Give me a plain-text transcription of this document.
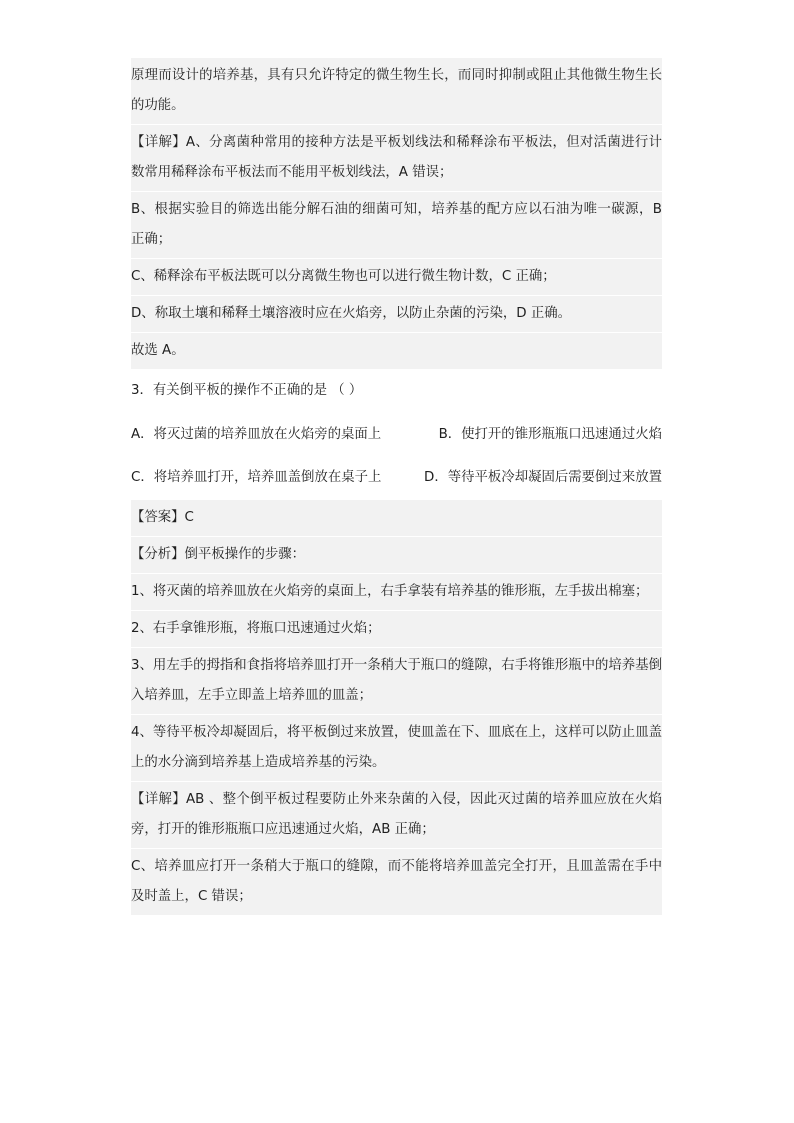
原理而设计的培养基，具有只允许特定的微生物生长，而同时抑制或阻止其他微生物生长的功能。

【详解】A、分离菌种常用的接种方法是平板划线法和稀释涂布平板法，但对活菌进行计数常用稀释涂布平板法而不能用平板划线法，A 错误；

B、根据实验目的筛选出能分解石油的细菌可知，培养基的配方应以石油为唯一碳源，B 正确；

C、稀释涂布平板法既可以分离微生物也可以进行微生物计数，C 正确；

D、称取土壤和稀释土壤溶液时应在火焰旁，以防止杂菌的污染，D 正确。

故选 A。

3．有关倒平板的操作不正确的是 （ ）

A．将灭过菌的培养皿放在火焰旁的桌面上	B．使打开的锥形瓶瓶口迅速通过火焰
C．将培养皿打开，培养皿盖倒放在桌子上	D．等待平板冷却凝固后需要倒过来放置

【答案】C

【分析】倒平板操作的步骤：

1、将灭菌的培养皿放在火焰旁的桌面上，右手拿装有培养基的锥形瓶，左手拔出棉塞；

2、右手拿锥形瓶，将瓶口迅速通过火焰；

3、用左手的拇指和食指将培养皿打开一条稍大于瓶口的缝隙，右手将锥形瓶中的培养基倒入培养皿，左手立即盖上培养皿的皿盖；

4、等待平板冷却凝固后，将平板倒过来放置，使皿盖在下、皿底在上，这样可以防止皿盖上的水分滴到培养基上造成培养基的污染。

【详解】AB 、整个倒平板过程要防止外来杂菌的入侵，因此灭过菌的培养皿应放在火焰旁，打开的锥形瓶瓶口应迅速通过火焰，AB 正确；

C、培养皿应打开一条稍大于瓶口的缝隙，而不能将培养皿盖完全打开，且皿盖需在手中及时盖上，C 错误；
